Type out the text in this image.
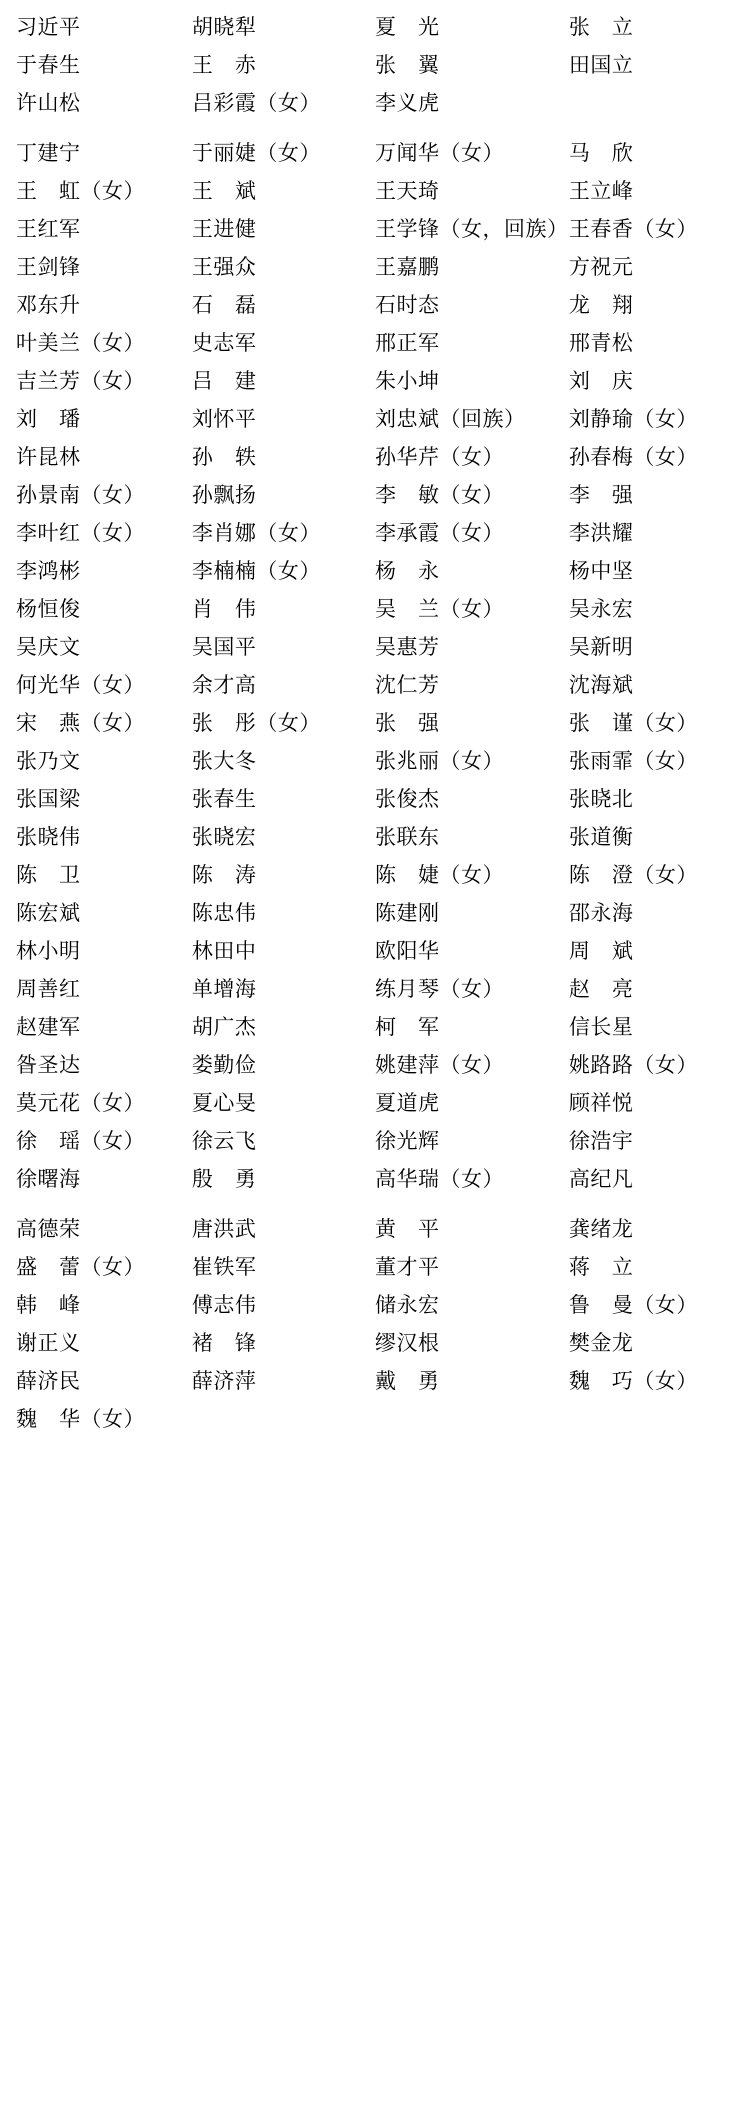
习近平	胡晓犁	夏　光	张　立
于春生	王　赤	张　翼	田国立
许山松	吕彩霞（女）	李义虎	

丁建宁	于丽婕（女）	万闻华（女）	马　欣
王　虹（女）	王　斌	王天琦	王立峰
王红军	王进健	王学锋（女，回族）	王春香（女）
王剑锋	王强众	王嘉鹏	方祝元
邓东升	石　磊	石时态	龙　翔
叶美兰（女）	史志军	邢正军	邢青松
吉兰芳（女）	吕　建	朱小坤	刘　庆
刘　璠	刘怀平	刘忠斌（回族）	刘静瑜（女）
许昆林	孙　轶	孙华芹（女）	孙春梅（女）
孙景南（女）	孙飘扬	李　敏（女）	李　强
李叶红（女）	李肖娜（女）	李承霞（女）	李洪耀
李鸿彬	李楠楠（女）	杨　永	杨中坚
杨恒俊	肖　伟	吴　兰（女）	吴永宏
吴庆文	吴国平	吴惠芳	吴新明
何光华（女）	余才高	沈仁芳	沈海斌
宋　燕（女）	张　彤（女）	张　强	张　谨（女）
张乃文	张大冬	张兆丽（女）	张雨霏（女）
张国梁	张春生	张俊杰	张晓北
张晓伟	张晓宏	张联东	张道衡
陈　卫	陈　涛	陈　婕（女）	陈　澄（女）
陈宏斌	陈忠伟	陈建刚	邵永海
林小明	林田中	欧阳华	周　斌
周善红	单增海	练月琴（女）	赵　亮
赵建军	胡广杰	柯　军	信长星
昝圣达	娄勤俭	姚建萍（女）	姚路路（女）
莫元花（女）	夏心旻	夏道虎	顾祥悦
徐　瑶（女）	徐云飞	徐光辉	徐浩宇
徐曙海	殷　勇	高华瑞（女）	高纪凡

高德荣	唐洪武	黄　平	龚绪龙
盛　蕾（女）	崔铁军	董才平	蒋　立
韩　峰	傅志伟	储永宏	鲁　曼（女）
谢正义	褚　锋	缪汉根	樊金龙
薛济民	薛济萍	戴　勇	魏　巧（女）
魏　华（女）			
